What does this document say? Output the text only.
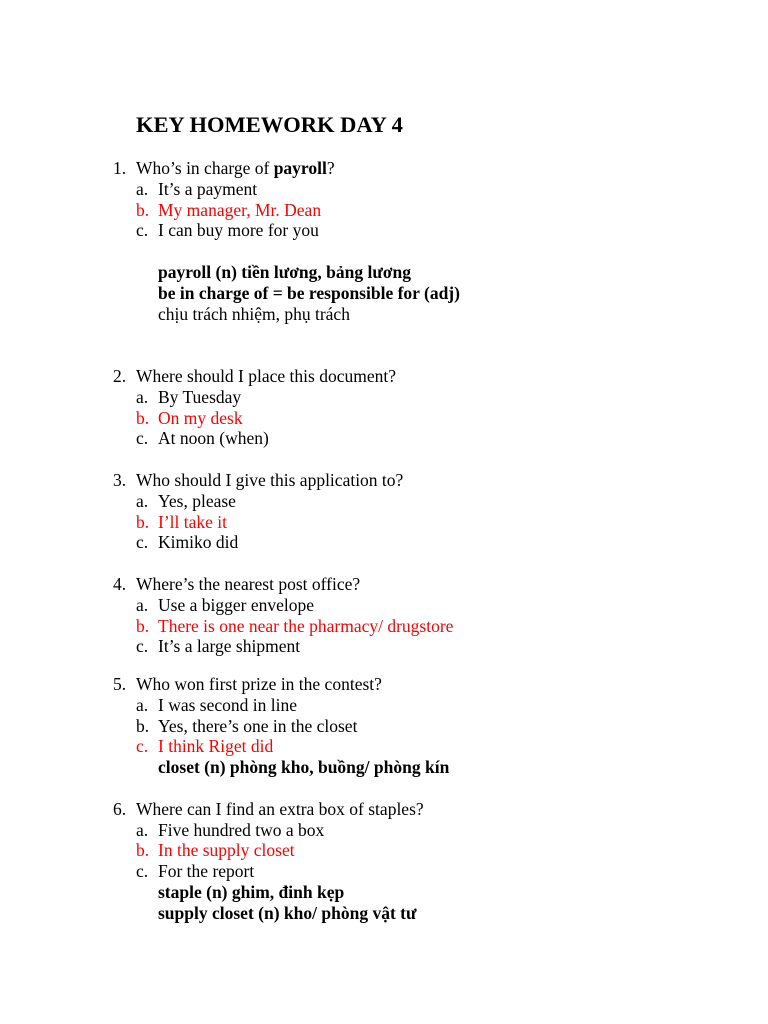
KEY HOMEWORK DAY 4
1. Who’s in charge of payroll?
a. It’s a payment
b. My manager, Mr. Dean
c. I can buy more for you
payroll (n) tiền lương, bảng lương
be in charge of = be responsible for (adj)
chịu trách nhiệm, phụ trách
2. Where should I place this document?
a. By Tuesday
b. On my desk
c. At noon (when)
3. Who should I give this application to?
a. Yes, please
b. I’ll take it
c. Kimiko did
4. Where’s the nearest post office?
a. Use a bigger envelope
b. There is one near the pharmacy/ drugstore
c. It’s a large shipment
5. Who won first prize in the contest?
a. I was second in line
b. Yes, there’s one in the closet
c. I think Riget did
closet (n) phòng kho, buồng/ phòng kín
6. Where can I find an extra box of staples?
a. Five hundred two a box
b. In the supply closet
c. For the report
staple (n) ghim, đinh kẹp
supply closet (n) kho/ phòng vật tư
